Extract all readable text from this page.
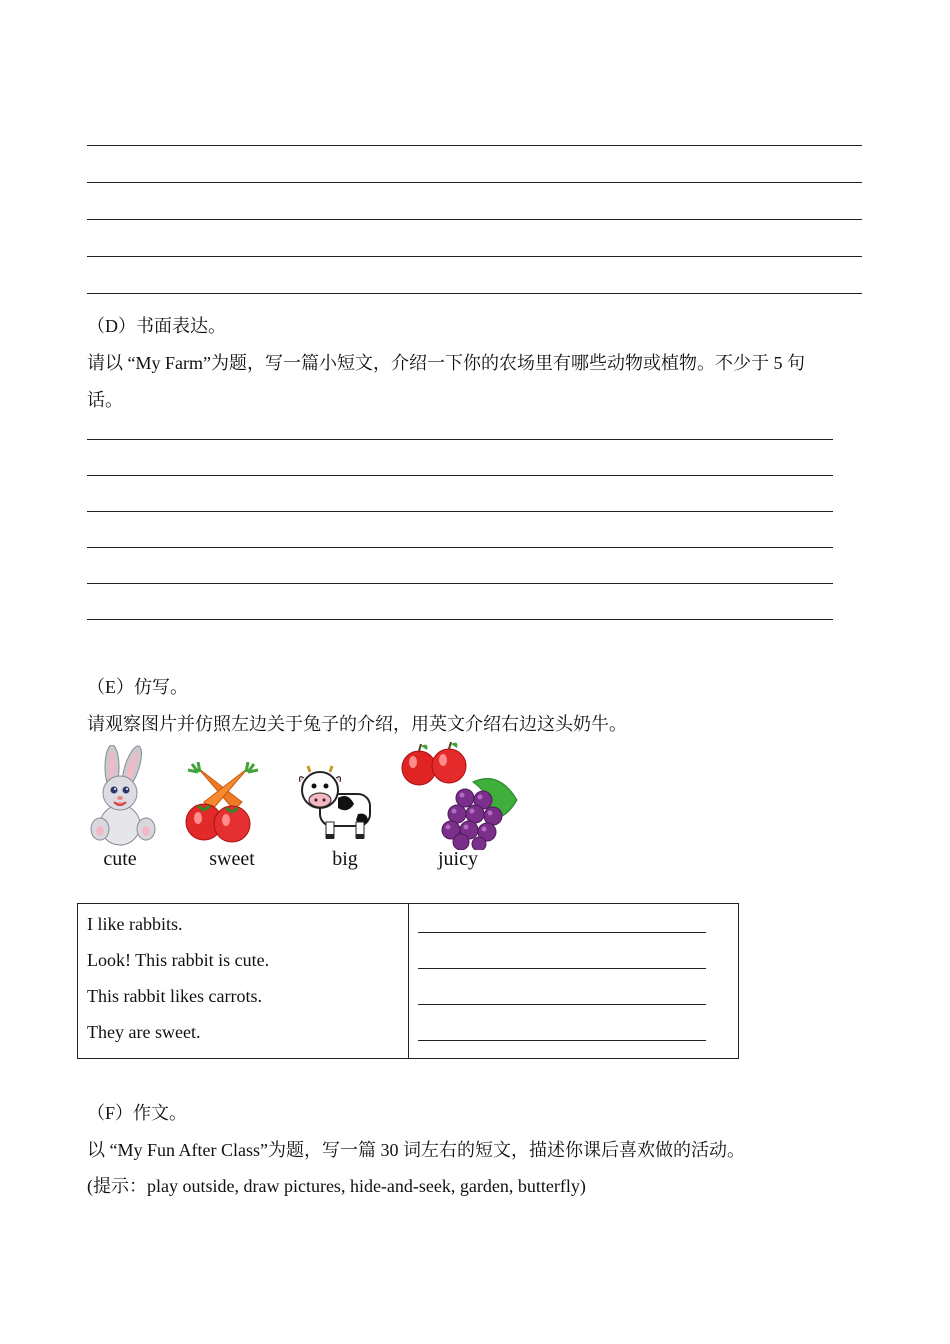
（D）书面表达。
请以 “My Farm”为题，写一篇小短文，介绍一下你的农场里有哪些动物或植物。不少于 5 句
话。
（E）仿写。
请观察图片并仿照左边关于兔子的介绍，用英文介绍右边这头奶牛。
cute	sweet	big	juicy
I like rabbits.
Look! This rabbit is cute.
This rabbit likes carrots.
They are sweet.
（F）作文。
以 “My Fun After Class”为题，写一篇 30 词左右的短文，描述你课后喜欢做的活动。
(提示：play outside, draw pictures, hide-and-seek, garden, butterfly)
